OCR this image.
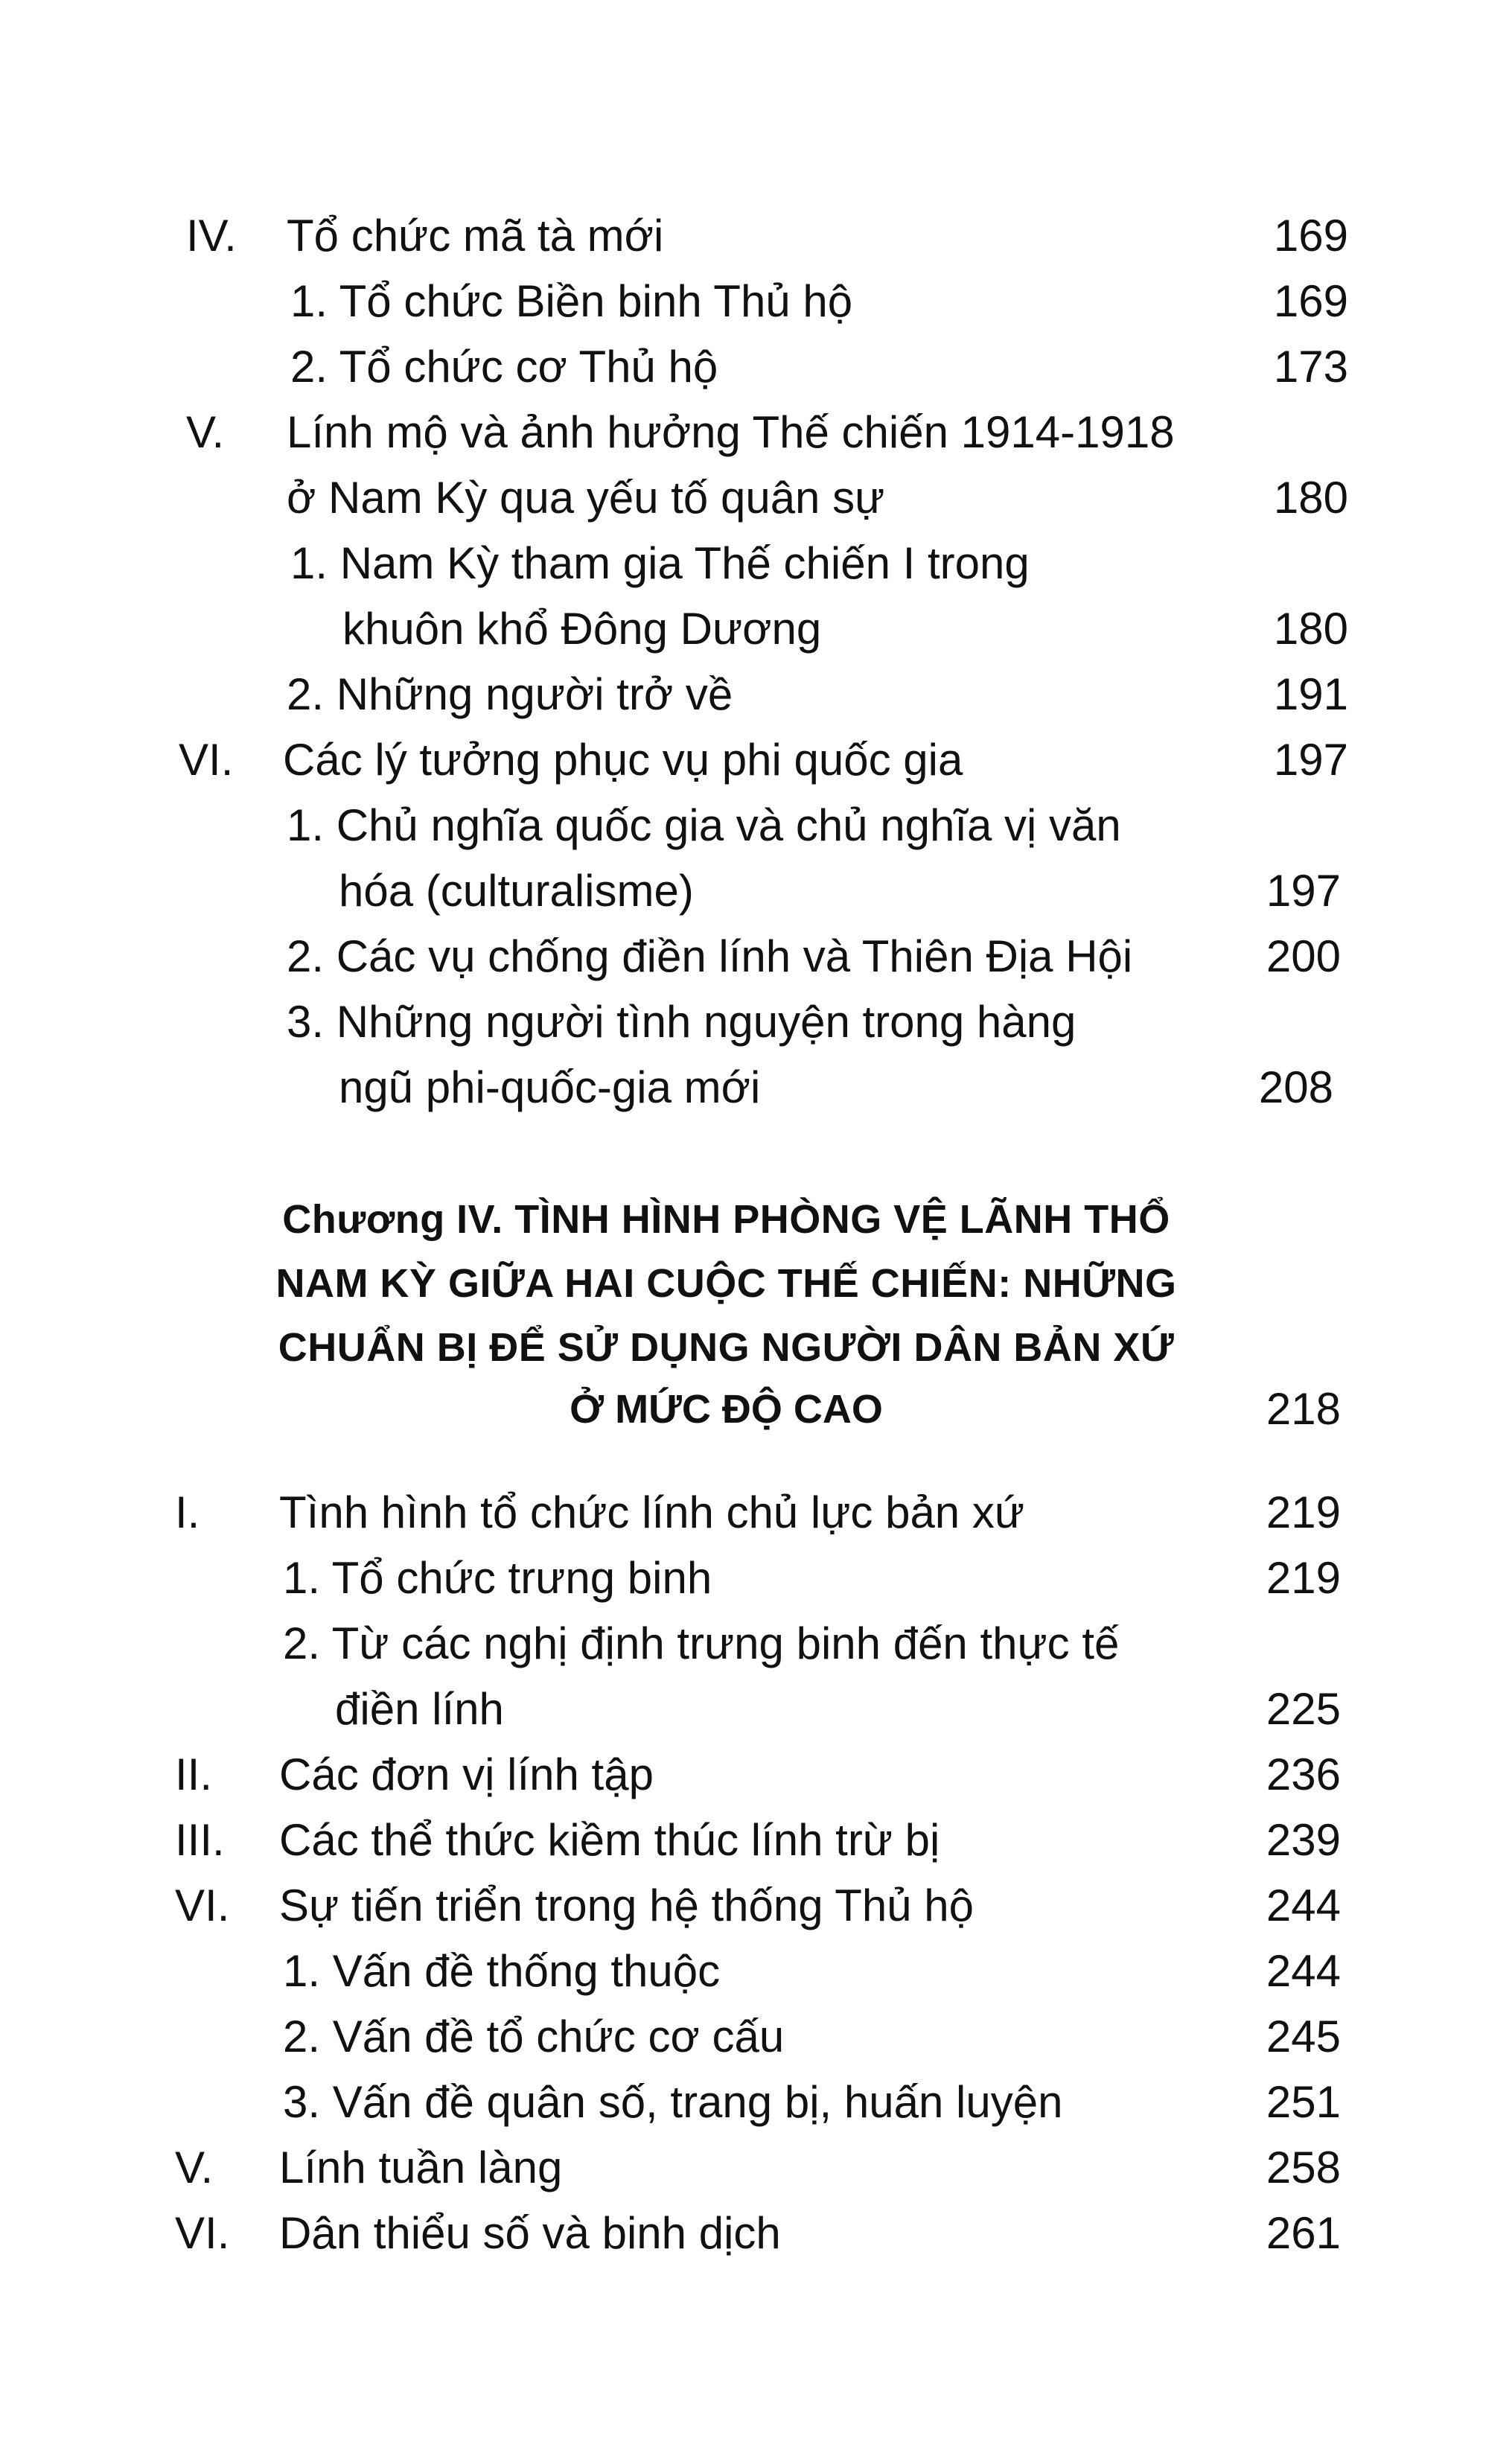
IV. Tổ chức mã tà mới	169
1. Tổ chức Biền binh Thủ hộ	169
2. Tổ chức cơ Thủ hộ	173
V. Lính mộ và ảnh hưởng Thế chiến 1914-1918
ở Nam Kỳ qua yếu tố quân sự	180
1. Nam Kỳ tham gia Thế chiến I trong
khuôn khổ Đông Dương	180
2. Những người trở về	191
VI. Các lý tưởng phục vụ phi quốc gia	197
1. Chủ nghĩa quốc gia và chủ nghĩa vị văn
hóa (culturalisme)	197
2. Các vụ chống điền lính và Thiên Địa Hội	200
3. Những người tình nguyện trong hàng
ngũ phi-quốc-gia mới	208
Chương IV. TÌNH HÌNH PHÒNG VỆ LÃNH THỔ
NAM KỲ GIỮA HAI CUỘC THẾ CHIẾN: NHỮNG
CHUẨN BỊ ĐỂ SỬ DỤNG NGƯỜI DÂN BẢN XỨ
Ở MỨC ĐỘ CAO	218
I. Tình hình tổ chức lính chủ lực bản xứ	219
1. Tổ chức trưng binh	219
2. Từ các nghị định trưng binh đến thực tế
điền lính	225
II. Các đơn vị lính tập	236
III. Các thể thức kiềm thúc lính trừ bị	239
VI. Sự tiến triển trong hệ thống Thủ hộ	244
1. Vấn đề thống thuộc	244
2. Vấn đề tổ chức cơ cấu	245
3. Vấn đề quân số, trang bị, huấn luyện	251
V. Lính tuần làng	258
VI. Dân thiểu số và binh dịch	261
